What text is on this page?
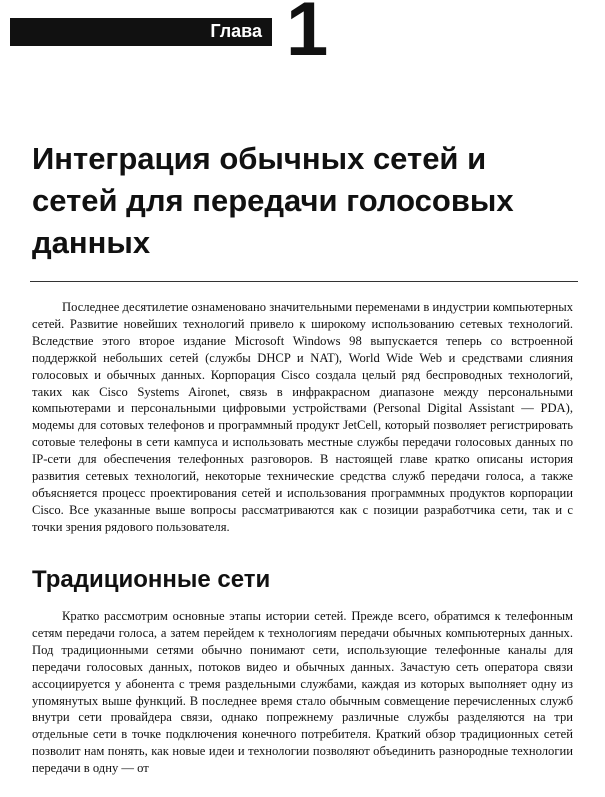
Глава 1
Интеграция обычных сетей и сетей для передачи голосовых данных

Последнее десятилетие ознаменовано значительными переменами в индустрии компьютерных сетей. Развитие новейших технологий привело к широкому использованию сетевых технологий. Вследствие этого второе издание Microsoft Windows 98 выпускается теперь со встроенной поддержкой небольших сетей (службы DHCP и NAT), World Wide Web и средствами слияния голосовых и обычных данных. Корпорация Cisco создала целый ряд беспроводных технологий, таких как Cisco Systems Aironet, связь в инфракрасном диапазоне между персональными компьютерами и персональными цифровыми устройствами (Personal Digital Assistant — PDA), модемы для сотовых телефонов и программный продукт JetCell, который позволяет регистрировать сотовые телефоны в сети кампуса и использовать местные службы передачи голосовых данных по IP-сети для обеспечения телефонных разговоров. В настоящей главе кратко описаны история развития сетевых технологий, некоторые технические средства служб передачи голоса, а также объясняется процесс проектирования сетей и использования программных продуктов корпорации Cisco. Все указанные выше вопросы рассматриваются как с позиции разработчика сети, так и с точки зрения рядового пользователя.

Традиционные сети

Кратко рассмотрим основные этапы истории сетей. Прежде всего, обратимся к телефонным сетям передачи голоса, а затем перейдем к технологиям передачи обычных компьютерных данных. Под традиционными сетями обычно понимают сети, использующие телефонные каналы для передачи голосовых данных, потоков видео и обычных данных. Зачастую сеть оператора связи ассоциируется у абонента с тремя раздельными службами, каждая из которых выполняет одну из упомянутых выше функций. В последнее время стало обычным совмещение перечисленных служб внутри сети провайдера связи, однако попрежнему различные службы разделяются на три отдельные сети в точке подключения конечного потребителя. Краткий обзор традиционных сетей позволит нам понять, как новые идеи и технологии позволяют объединить разнородные технологии передачи в одну — от
